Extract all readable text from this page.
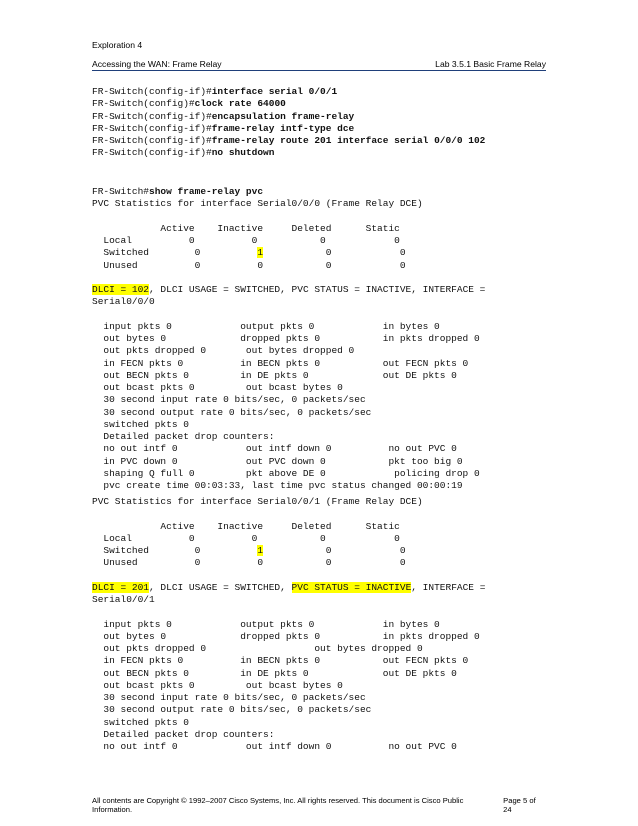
Exploration 4
Accessing the WAN: Frame Relay	Lab 3.5.1 Basic Frame Relay
FR-Switch(config-if)#interface serial 0/0/1
FR-Switch(config)#clock rate 64000
FR-Switch(config-if)#encapsulation frame-relay
FR-Switch(config-if)#frame-relay intf-type dce
FR-Switch(config-if)#frame-relay route 201 interface serial 0/0/0 102
FR-Switch(config-if)#no shutdown
FR-Switch#show frame-relay pvc
PVC Statistics for interface Serial0/0/0 (Frame Relay DCE)
Active    Inactive     Deleted      Static
Local          0          0           0            0
Switched        0          1           0            0
Unused          0          0           0            0
DLCI = 102, DLCI USAGE = SWITCHED, PVC STATUS = INACTIVE, INTERFACE =
Serial0/0/0
input pkts 0            output pkts 0            in bytes 0
out bytes 0             dropped pkts 0           in pkts dropped 0
out pkts dropped 0       out bytes dropped 0
in FECN pkts 0          in BECN pkts 0           out FECN pkts 0
out BECN pkts 0         in DE pkts 0             out DE pkts 0
out bcast pkts 0         out bcast bytes 0
30 second input rate 0 bits/sec, 0 packets/sec
30 second output rate 0 bits/sec, 0 packets/sec
switched pkts 0
Detailed packet drop counters:
no out intf 0            out intf down 0          no out PVC 0
in PVC down 0            out PVC down 0           pkt too big 0
shaping Q full 0         pkt above DE 0            policing drop 0
pvc create time 00:03:33, last time pvc status changed 00:00:19
PVC Statistics for interface Serial0/0/1 (Frame Relay DCE)
Active    Inactive     Deleted      Static
Local          0          0           0            0
Switched        0          1           0            0
Unused          0          0           0            0
DLCI = 201, DLCI USAGE = SWITCHED, PVC STATUS = INACTIVE, INTERFACE =
Serial0/0/1
input pkts 0            output pkts 0            in bytes 0
out bytes 0             dropped pkts 0           in pkts dropped 0
out pkts dropped 0                   out bytes dropped 0
in FECN pkts 0          in BECN pkts 0           out FECN pkts 0
out BECN pkts 0         in DE pkts 0             out DE pkts 0
out bcast pkts 0         out bcast bytes 0
30 second input rate 0 bits/sec, 0 packets/sec
30 second output rate 0 bits/sec, 0 packets/sec
switched pkts 0
Detailed packet drop counters:
no out intf 0            out intf down 0          no out PVC 0
All contents are Copyright © 1992–2007 Cisco Systems, Inc. All rights reserved. This document is Cisco Public Information.
Page 5 of 24
